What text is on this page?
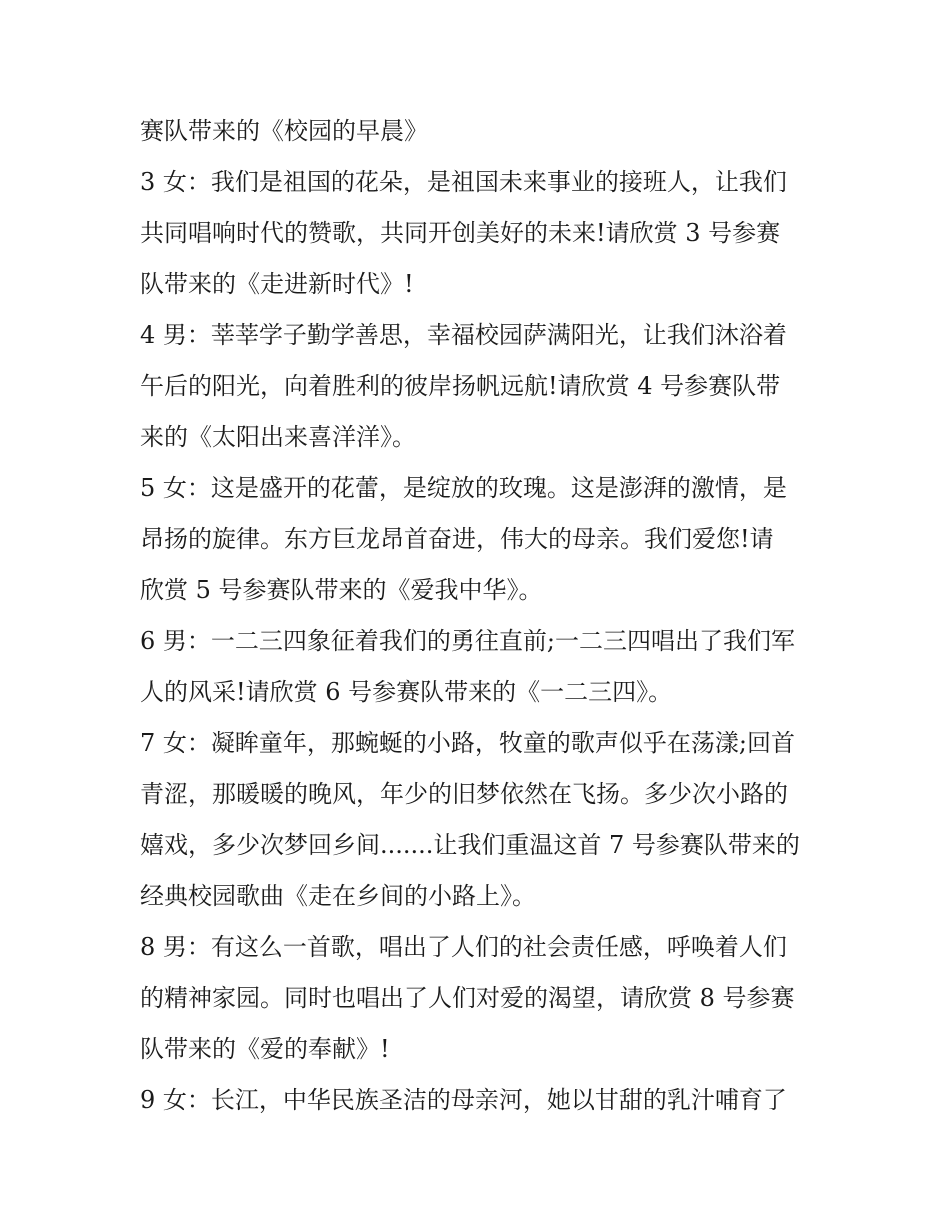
赛队带来的《校园的早晨》

3 女：我们是祖国的花朵，是祖国未来事业的接班人，让我们
共同唱响时代的赞歌，共同开创美好的未来!请欣赏 3 号参赛
队带来的《走进新时代》!

4 男：莘莘学子勤学善思，幸福校园萨满阳光，让我们沐浴着
午后的阳光，向着胜利的彼岸扬帆远航!请欣赏 4 号参赛队带
来的《太阳出来喜洋洋》。

5 女：这是盛开的花蕾，是绽放的玫瑰。这是澎湃的激情，是
昂扬的旋律。东方巨龙昂首奋进，伟大的母亲。我们爱您!请
欣赏 5 号参赛队带来的《爱我中华》。

6 男：一二三四象征着我们的勇往直前;一二三四唱出了我们军
人的风采!请欣赏 6 号参赛队带来的《一二三四》。

7 女：凝眸童年，那蜿蜒的小路，牧童的歌声似乎在荡漾;回首
青涩，那暖暖的晚风，年少的旧梦依然在飞扬。多少次小路的
嬉戏，多少次梦回乡间.......让我们重温这首 7 号参赛队带来的
经典校园歌曲《走在乡间的小路上》。

8 男：有这么一首歌，唱出了人们的社会责任感，呼唤着人们
的精神家园。同时也唱出了人们对爱的渴望，请欣赏 8 号参赛
队带来的《爱的奉献》!

9 女：长江，中华民族圣洁的母亲河，她以甘甜的乳汁哺育了
